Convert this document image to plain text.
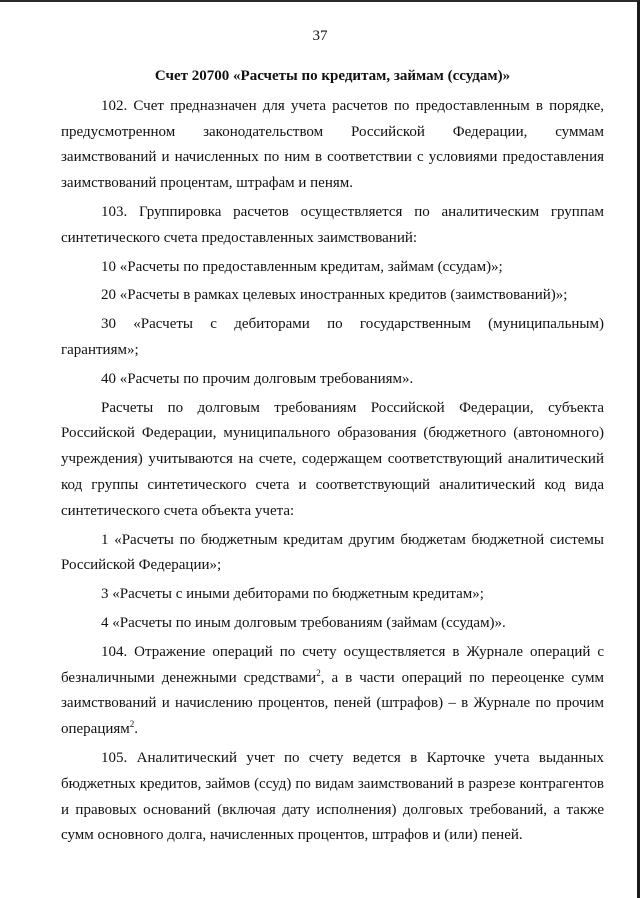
37
Счет 20700 «Расчеты по кредитам, займам (ссудам)»
102. Счет предназначен для учета расчетов по предоставленным в порядке, предусмотренном законодательством Российской Федерации, суммам заимствований и начисленных по ним в соответствии с условиями предоставления заимствований процентам, штрафам и пеням.
103. Группировка расчетов осуществляется по аналитическим группам синтетического счета предоставленных заимствований:
10 «Расчеты по предоставленным кредитам, займам (ссудам)»;
20 «Расчеты в рамках целевых иностранных кредитов (заимствований)»;
30 «Расчеты с дебиторами по государственным (муниципальным) гарантиям»;
40 «Расчеты по прочим долговым требованиям».
Расчеты по долговым требованиям Российской Федерации, субъекта Российской Федерации, муниципального образования (бюджетного (автономного) учреждения) учитываются на счете, содержащем соответствующий аналитический код группы синтетического счета и соответствующий аналитический код вида синтетического счета объекта учета:
1 «Расчеты по бюджетным кредитам другим бюджетам бюджетной системы Российской Федерации»;
3 «Расчеты с иными дебиторами по бюджетным кредитам»;
4 «Расчеты по иным долговым требованиям (займам (ссудам)».
104. Отражение операций по счету осуществляется в Журнале операций с безналичными денежными средствами$^2$, а в части операций по переоценке сумм заимствований и начислению процентов, пеней (штрафов) – в Журнале по прочим операциям$^2$.
105. Аналитический учет по счету ведется в Карточке учета выданных бюджетных кредитов, займов (ссуд) по видам заимствований в разрезе контрагентов и правовых оснований (включая дату исполнения) долговых требований, а также сумм основного долга, начисленных процентов, штрафов и (или) пеней.
